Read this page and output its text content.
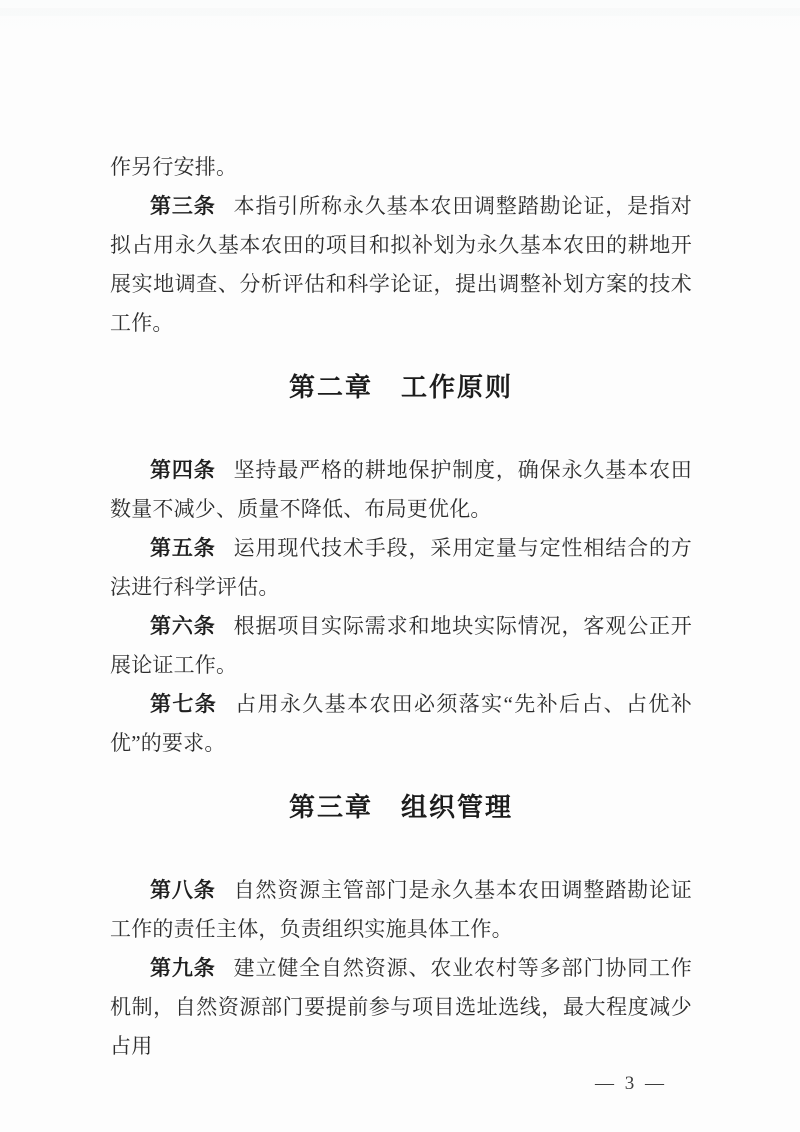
作另行安排。

第三条 本指引所称永久基本农田调整踏勘论证，是指对拟占用永久基本农田的项目和拟补划为永久基本农田的耕地开展实地调查、分析评估和科学论证，提出调整补划方案的技术工作。

第二章　工作原则

第四条 坚持最严格的耕地保护制度，确保永久基本农田数量不减少、质量不降低、布局更优化。

第五条 运用现代技术手段，采用定量与定性相结合的方法进行科学评估。

第六条 根据项目实际需求和地块实际情况，客观公正开展论证工作。

第七条 占用永久基本农田必须落实“先补后占、占优补优”的要求。

第三章　组织管理

第八条 自然资源主管部门是永久基本农田调整踏勘论证工作的责任主体，负责组织实施具体工作。

第九条 建立健全自然资源、农业农村等多部门协同工作机制，自然资源部门要提前参与项目选址选线，最大程度减少占用

— 3 —
